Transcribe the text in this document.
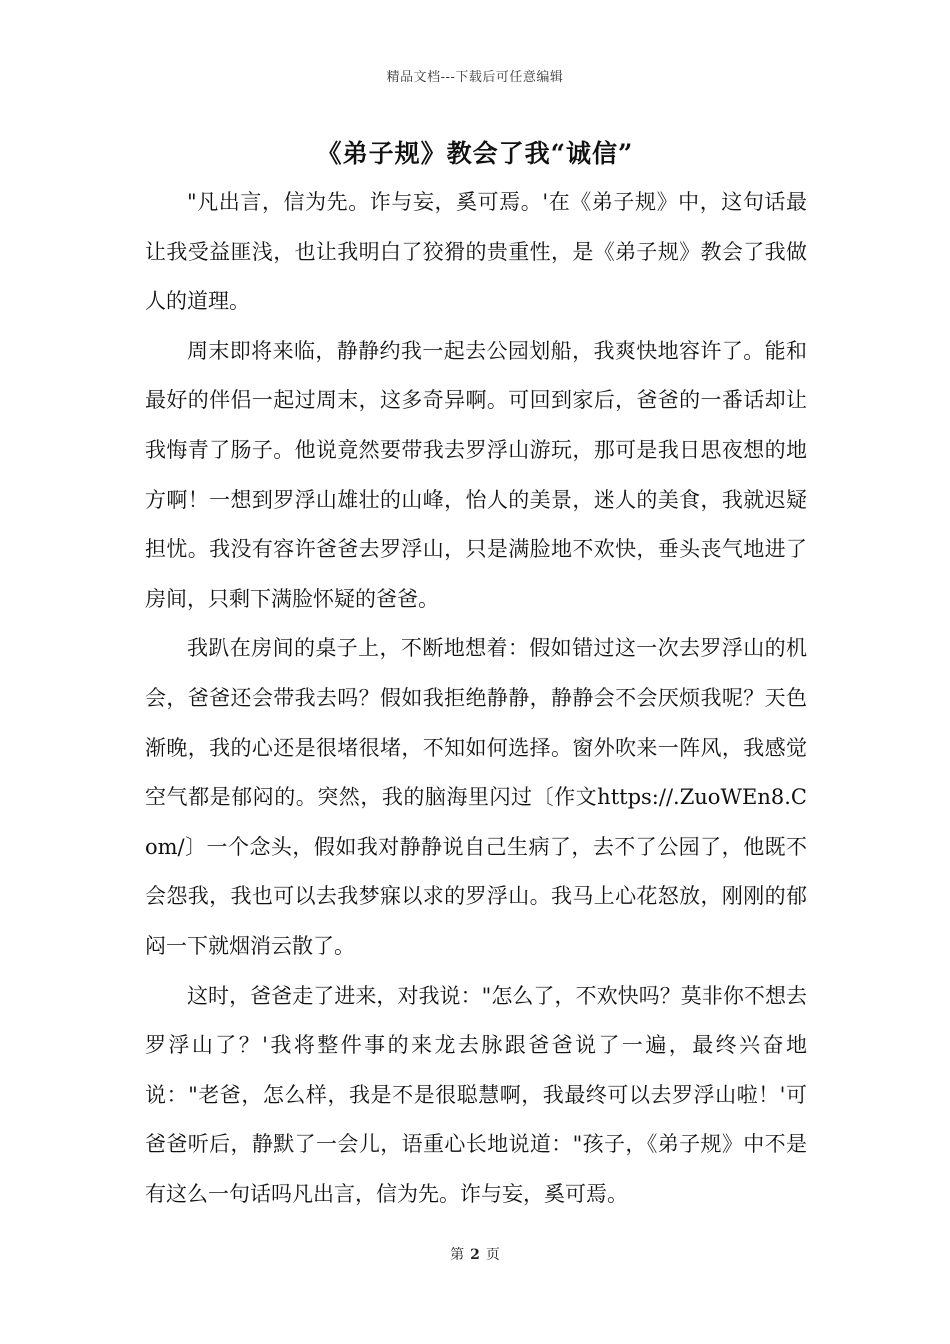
精品文档---下载后可任意编辑
《弟子规》教会了我“诚信”

"凡出言，信为先。诈与妄，奚可焉。'在《弟子规》中，这句话最让我受益匪浅，也让我明白了狡猾的贵重性，是《弟子规》教会了我做人的道理。

周末即将来临，静静约我一起去公园划船，我爽快地容许了。能和最好的伴侣一起过周末，这多奇异啊。可回到家后，爸爸的一番话却让我悔青了肠子。他说竟然要带我去罗浮山游玩，那可是我日思夜想的地方啊！一想到罗浮山雄壮的山峰，怡人的美景，迷人的美食，我就迟疑担忧。我没有容许爸爸去罗浮山，只是满脸地不欢快，垂头丧气地进了房间，只剩下满脸怀疑的爸爸。

我趴在房间的桌子上，不断地想着：假如错过这一次去罗浮山的机会，爸爸还会带我去吗？假如我拒绝静静，静静会不会厌烦我呢？天色渐晚，我的心还是很堵很堵，不知如何选择。窗外吹来一阵风，我感觉空气都是郁闷的。突然，我的脑海里闪过〔作文https://.ZuoWEn8.Com/〕一个念头，假如我对静静说自己生病了，去不了公园了，他既不会怨我，我也可以去我梦寐以求的罗浮山。我马上心花怒放，刚刚的郁闷一下就烟消云散了。

这时，爸爸走了进来，对我说："怎么了，不欢快吗？莫非你不想去罗浮山了？'我将整件事的来龙去脉跟爸爸说了一遍，最终兴奋地说："老爸，怎么样，我是不是很聪慧啊，我最终可以去罗浮山啦！'可爸爸听后，静默了一会儿，语重心长地说道："孩子，《弟子规》中不是有这么一句话吗凡出言，信为先。诈与妄，奚可焉。

第 2 页
